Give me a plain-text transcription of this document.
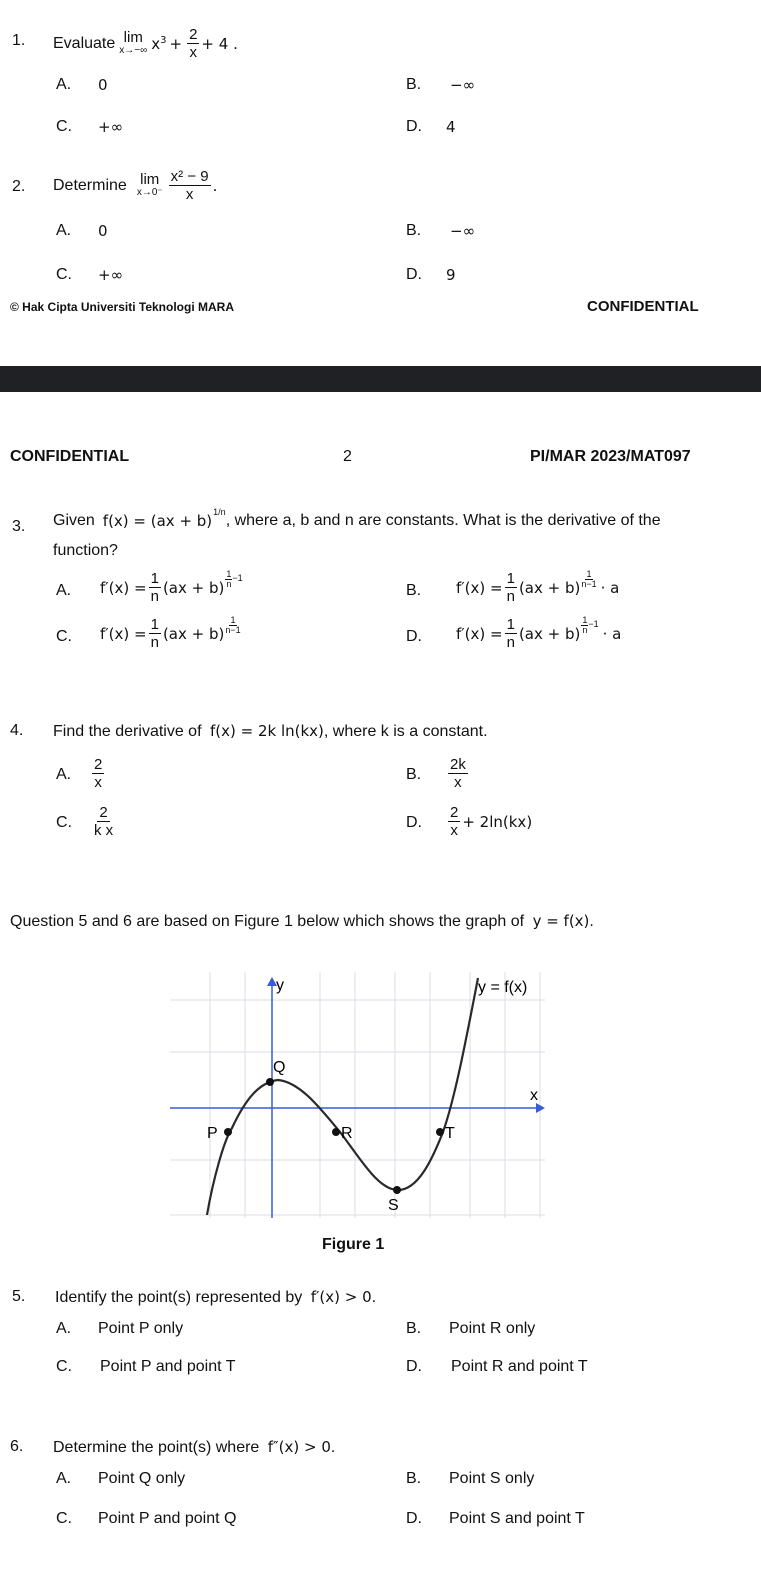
1. Evaluate lim
x→−∞ $x^3 + \frac{2}{x} + 4$ .
A. 0	B. −∞
C. +∞	D. 4
2. Determine lim
$x\to 0^- \frac{\text{x² − 9}}{x}$ .
A. 0	B. −∞
C. +∞	D. 9
© Hak Cipta Universiti Teknologi MARA	CONFIDENTIAL
CONFIDENTIAL	2	PI/MAR 2023/MAT097
3. Given f(x) = (ax + b) 1/n , where a, b and n are constants. What is the derivative of the
function?
A. $f'(x) = \frac{1}{n} (ax + b) \frac{1}{n} -1$
B. $f'(x) = \frac{1}{n} (ax + b) \frac{1}{n-1} \cdot a$
C. $f'(x) = \frac{1}{n} (ax + b) \frac{1}{n-1}$
D. $f'(x) = \frac{1}{n} (ax + b) \frac{1}{n} -1$
· a
4. Find the derivative of f(x) = 2k ln(kx), where k is a constant.
A. $\frac{2}{x}$	B. $\frac{2k}{x}$
C. $\frac{2}{\text{k x}}$	D. $\frac{2}{x} + 2\ln(kx)$
Question 5 and 6 are based on Figure 1 below which shows the graph of y = f(x).
y
x
y = f(x)
P
Q
R
S
T
Figure 1
5. Identify the point(s) represented by f′(x) > 0.
A. Point P only	B. Point R only
C. Point P and point T	D. Point R and point T
6. Determine the point(s) where f″(x) > 0.
A. Point Q only	B. Point S only
C. Point P and point Q	D. Point S and point T
